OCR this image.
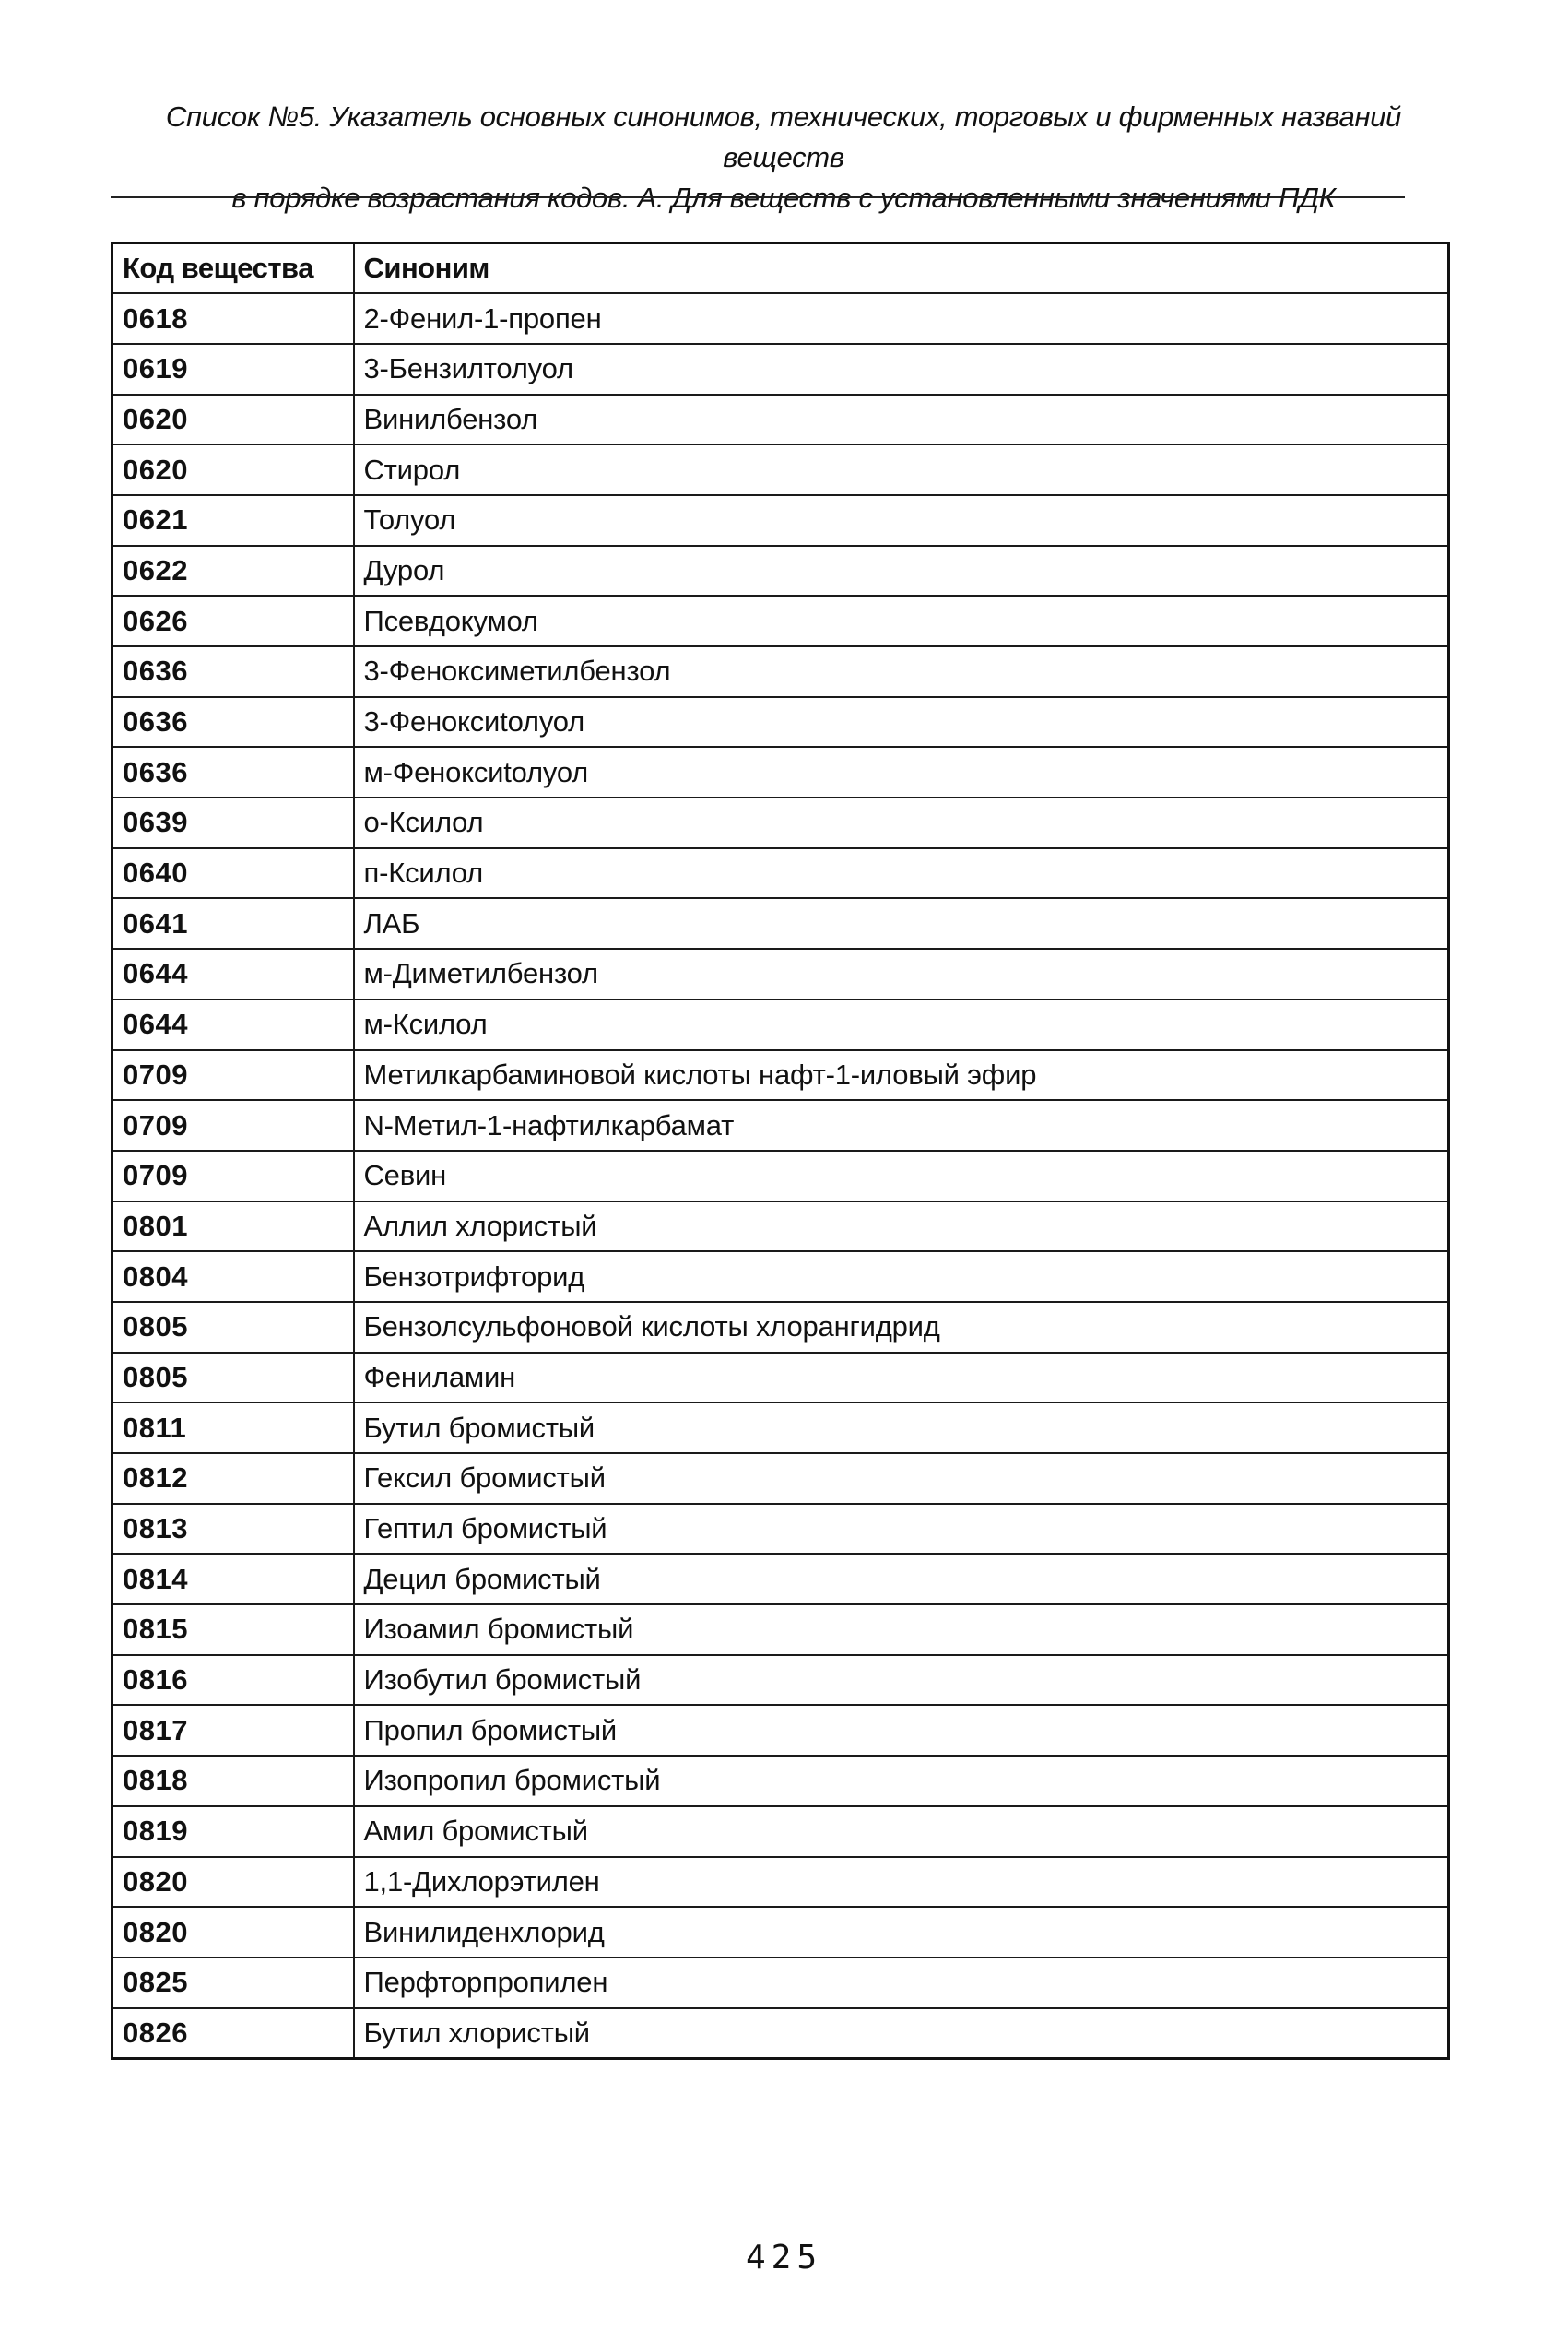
Список №5. Указатель основных синонимов, технических, торговых и фирменных названий веществ
в порядке возрастания кодов. А. Для веществ с установленными значениями ПДК
Код вещества	Синоним
0618	2-Фенил-1-пропен
0619	3-Бензилтолуол
0620	Винилбензол
0620	Стирол
0621	Толуол
0622	Дурол
0626	Псевдокумол
0636	3-Феноксиметилбензол
0636	3-Феноксиtолуол
0636	м-Феноксиtолуол
0639	о-Ксилол
0640	п-Ксилол
0641	ЛАБ
0644	м-Диметилбензол
0644	м-Ксилол
0709	Метилкарбаминовой кислоты нафт-1-иловый эфир
0709	N-Метил-1-нафтилкарбамат
0709	Севин
0801	Аллил хлористый
0804	Бензотрифторид
0805	Бензолсульфоновой кислоты хлорангидрид
0805	Фениламин
0811	Бутил бромистый
0812	Гексил бромистый
0813	Гептил бромистый
0814	Децил бромистый
0815	Изоамил бромистый
0816	Изобутил бромистый
0817	Пропил бромистый
0818	Изопропил бромистый
0819	Амил бромистый
0820	1,1-Дихлорэтилен
0820	Винилиденхлорид
0825	Перфторпропилен
0826	Бутил хлористый
425
